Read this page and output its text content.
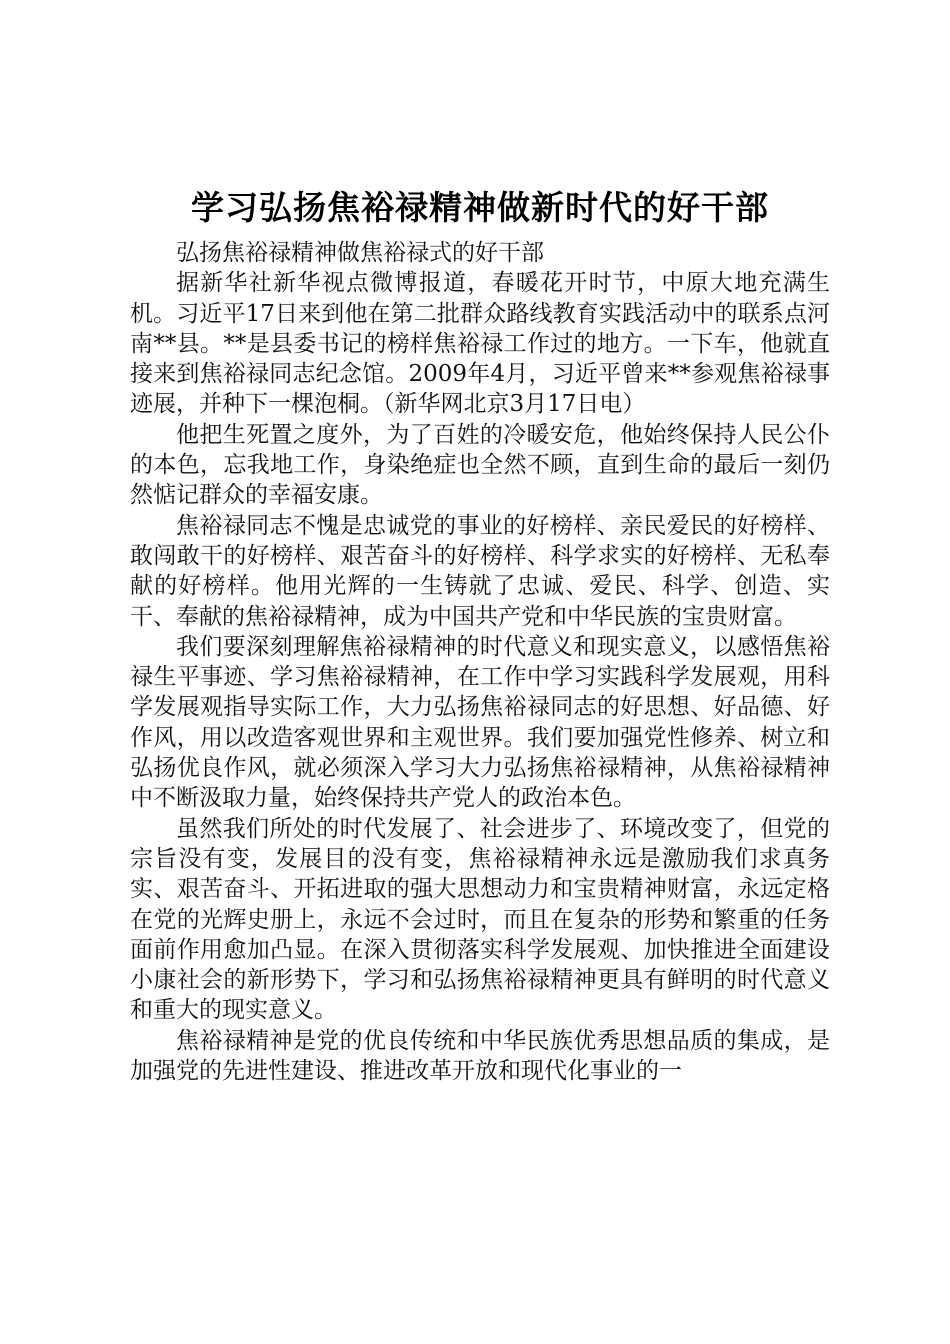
学习弘扬焦裕禄精神做新时代的好干部

弘扬焦裕禄精神做焦裕禄式的好干部

据新华社新华视点微博报道，春暖花开时节，中原大地充满生机。习近平17日来到他在第二批群众路线教育实践活动中的联系点河南**县。**是县委书记的榜样焦裕禄工作过的地方。一下车，他就直接来到焦裕禄同志纪念馆。2009年4月，习近平曾来**参观焦裕禄事迹展，并种下一棵泡桐。（新华网北京3月17日电）

他把生死置之度外，为了百姓的冷暖安危，他始终保持人民公仆的本色，忘我地工作，身染绝症也全然不顾，直到生命的最后一刻仍然惦记群众的幸福安康。

焦裕禄同志不愧是忠诚党的事业的好榜样、亲民爱民的好榜样、敢闯敢干的好榜样、艰苦奋斗的好榜样、科学求实的好榜样、无私奉献的好榜样。他用光辉的一生铸就了忠诚、爱民、科学、创造、实干、奉献的焦裕禄精神，成为中国共产党和中华民族的宝贵财富。

我们要深刻理解焦裕禄精神的时代意义和现实意义，以感悟焦裕禄生平事迹、学习焦裕禄精神，在工作中学习实践科学发展观，用科学发展观指导实际工作，大力弘扬焦裕禄同志的好思想、好品德、好作风，用以改造客观世界和主观世界。我们要加强党性修养、树立和弘扬优良作风，就必须深入学习大力弘扬焦裕禄精神，从焦裕禄精神中不断汲取力量，始终保持共产党人的政治本色。

虽然我们所处的时代发展了、社会进步了、环境改变了，但党的宗旨没有变，发展目的没有变，焦裕禄精神永远是激励我们求真务实、艰苦奋斗、开拓进取的强大思想动力和宝贵精神财富，永远定格在党的光辉史册上，永远不会过时，而且在复杂的形势和繁重的任务面前作用愈加凸显。在深入贯彻落实科学发展观、加快推进全面建设小康社会的新形势下，学习和弘扬焦裕禄精神更具有鲜明的时代意义和重大的现实意义。

焦裕禄精神是党的优良传统和中华民族优秀思想品质的集成，是加强党的先进性建设、推进改革开放和现代化事业的一
